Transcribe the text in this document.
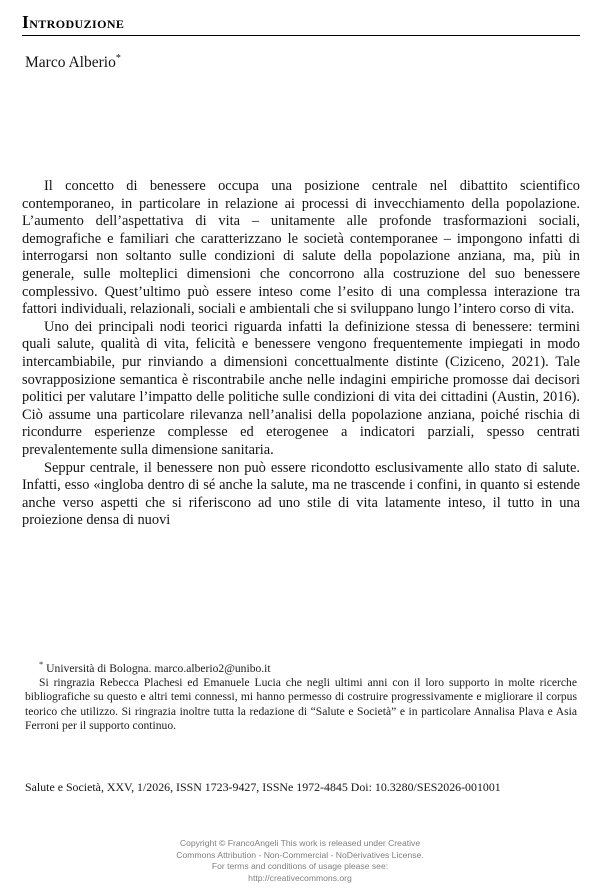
Introduzione
Marco Alberio*

Il concetto di benessere occupa una posizione centrale nel dibattito scientifico contemporaneo, in particolare in relazione ai processi di invecchiamento della popolazione. L’aumento dell’aspettativa di vita – unitamente alle profonde trasformazioni sociali, demografiche e familiari che caratterizzano le società contemporanee – impongono infatti di interrogarsi non soltanto sulle condizioni di salute della popolazione anziana, ma, più in generale, sulle molteplici dimensioni che concorrono alla costruzione del suo benessere complessivo. Quest’ultimo può essere inteso come l’esito di una complessa interazione tra fattori individuali, relazionali, sociali e ambientali che si sviluppano lungo l’intero corso di vita.

Uno dei principali nodi teorici riguarda infatti la definizione stessa di benessere: termini quali salute, qualità di vita, felicità e benessere vengono frequentemente impiegati in modo intercambiabile, pur rinviando a dimensioni concettualmente distinte (Ciziceno, 2021). Tale sovrapposizione semantica è riscontrabile anche nelle indagini empiriche promosse dai decisori politici per valutare l’impatto delle politiche sulle condizioni di vita dei cittadini (Austin, 2016). Ciò assume una particolare rilevanza nell’analisi della popolazione anziana, poiché rischia di ricondurre esperienze complesse ed eterogenee a indicatori parziali, spesso centrati prevalentemente sulla dimensione sanitaria.

Seppur centrale, il benessere non può essere ricondotto esclusivamente allo stato di salute. Infatti, esso «ingloba dentro di sé anche la salute, ma ne trascende i confini, in quanto si estende anche verso aspetti che si riferiscono ad uno stile di vita latamente inteso, il tutto in una proiezione densa di nuovi

* Università di Bologna. marco.alberio2@unibo.it

Si ringrazia Rebecca Plachesi ed Emanuele Lucia che negli ultimi anni con il loro supporto in molte ricerche bibliografiche su questo e altri temi connessi, mi hanno permesso di costruire progressivamente e migliorare il corpus teorico che utilizzo. Si ringrazia inoltre tutta la redazione di “Salute e Società” e in particolare Annalisa Plava e Asia Ferroni per il supporto continuo.

Salute e Società, XXV, 1/2026, ISSN 1723-9427, ISSNe 1972-4845 Doi: 10.3280/SES2026-001001
Copyright © FrancoAngeli This work is released under Creative
Commons Attribution - Non-Commercial - NoDerivatives License.
For terms and conditions of usage please see:
http://creativecommons.org
